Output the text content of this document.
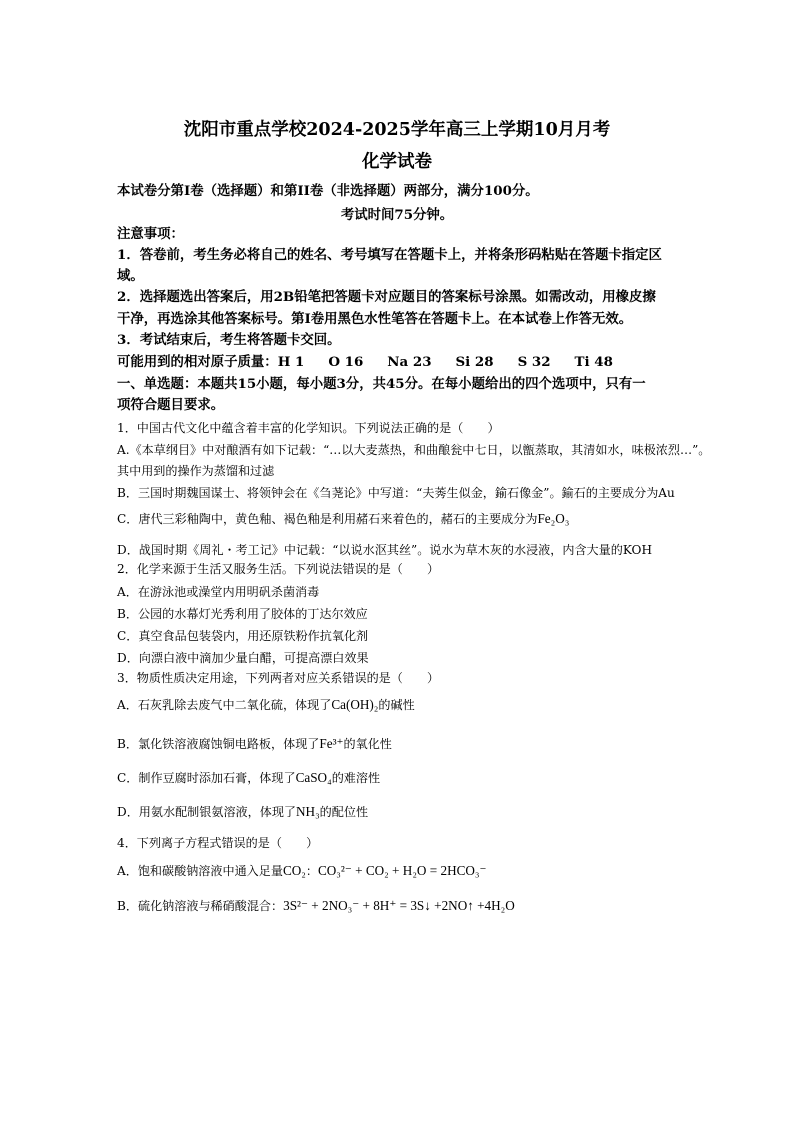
沈阳市重点学校2024-2025学年高三上学期10月月考
化学试卷
本试卷分第I卷（选择题）和第II卷（非选择题）两部分，满分100分。
考试时间75分钟。
注意事项：
1．答卷前，考生务必将自己的姓名、考号填写在答题卡上，并将条形码粘贴在答题卡指定区
域。
2．选择题选出答案后，用2B铅笔把答题卡对应题目的答案标号涂黑。如需改动，用橡皮擦
干净，再选涂其他答案标号。第I卷用黑色水性笔答在答题卡上。在本试卷上作答无效。
3．考试结束后，考生将答题卡交回。
可能用到的相对原子质量：H 1 O 16 Na 23 Si 28 S 32 Ti 48
一、单选题：本题共15小题，每小题3分，共45分。在每小题给出的四个选项中，只有一
项符合题目要求。
1．中国古代文化中蕴含着丰富的化学知识。下列说法正确的是（　　）
A.《本草纲目》中对酿酒有如下记载：“…以大麦蒸热，和曲酿瓮中七日，以甑蒸取，其清如水，味极浓烈…”。
其中用到的操作为蒸馏和过滤
B．三国时期魏国谋士、将领钟会在《刍荛论》中写道：“夫莠生似金，鍮石像金”。鍮石的主要成分为Au
C．唐代三彩釉陶中，黄色釉、褐色釉是利用赭石来着色的，赭石的主要成分为Fe₂O₃
D．战国时期《周礼・考工记》中记载：“以说水沤其丝”。说水为草木灰的水浸液，内含大量的KOH
2．化学来源于生活又服务生活。下列说法错误的是（　　）
A．在游泳池或澡堂内用明矾杀菌消毒
B．公园的水幕灯光秀利用了胶体的丁达尔效应
C．真空食品包装袋内，用还原铁粉作抗氧化剂
D．向漂白液中滴加少量白醋，可提高漂白效果
3．物质性质决定用途，下列两者对应关系错误的是（　　）
A．石灰乳除去废气中二氧化硫，体现了Ca(OH)₂的碱性
B．氯化铁溶液腐蚀铜电路板，体现了Fe³⁺的氧化性
C．制作豆腐时添加石膏，体现了CaSO₄的难溶性
D．用氨水配制银氨溶液，体现了NH₃的配位性
4．下列离子方程式错误的是（　　）
A．饱和碳酸钠溶液中通入足量CO₂：CO₃²⁻ + CO₂ + H₂O = 2HCO₃⁻
B．硫化钠溶液与稀硝酸混合：3S²⁻ + 2NO₃⁻ + 8H⁺ = 3S↓ +2NO↑ +4H₂O
